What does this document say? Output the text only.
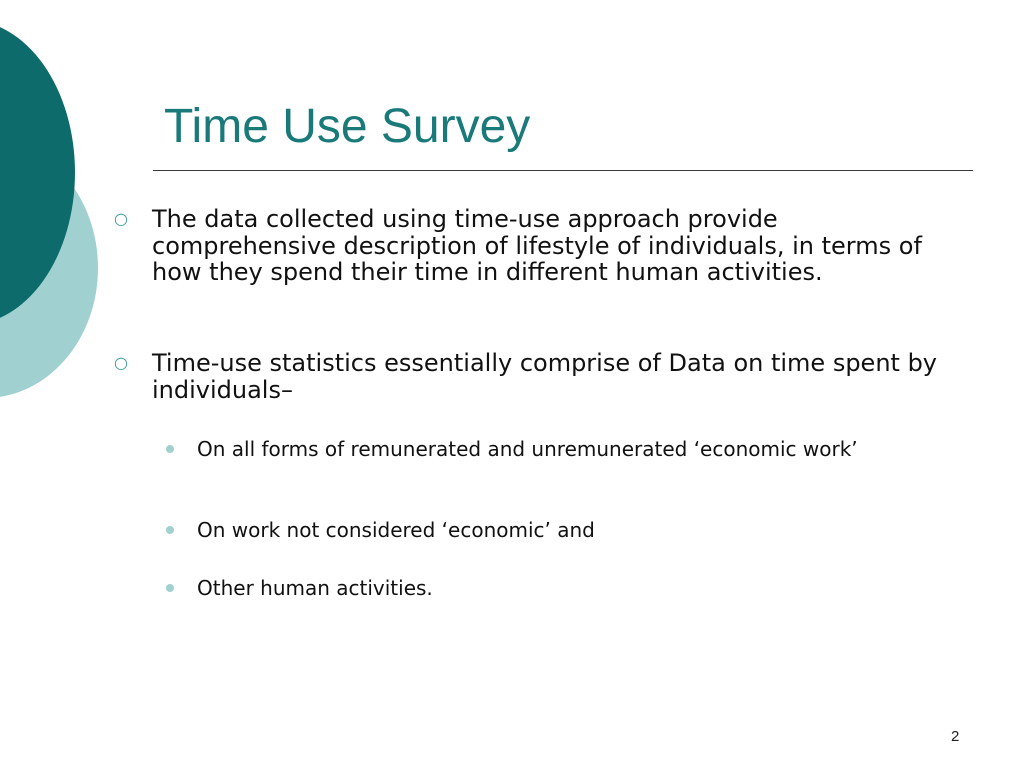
Time Use Survey
○ The data collected using time-use approach provide comprehensive description of lifestyle of individuals, in terms of how they spend their time in different human activities.
○ Time-use statistics essentially comprise of Data on time spent by individuals–
On all forms of remunerated and unremunerated ‘economic work’
On work not considered ‘economic’ and
Other human activities.
2
